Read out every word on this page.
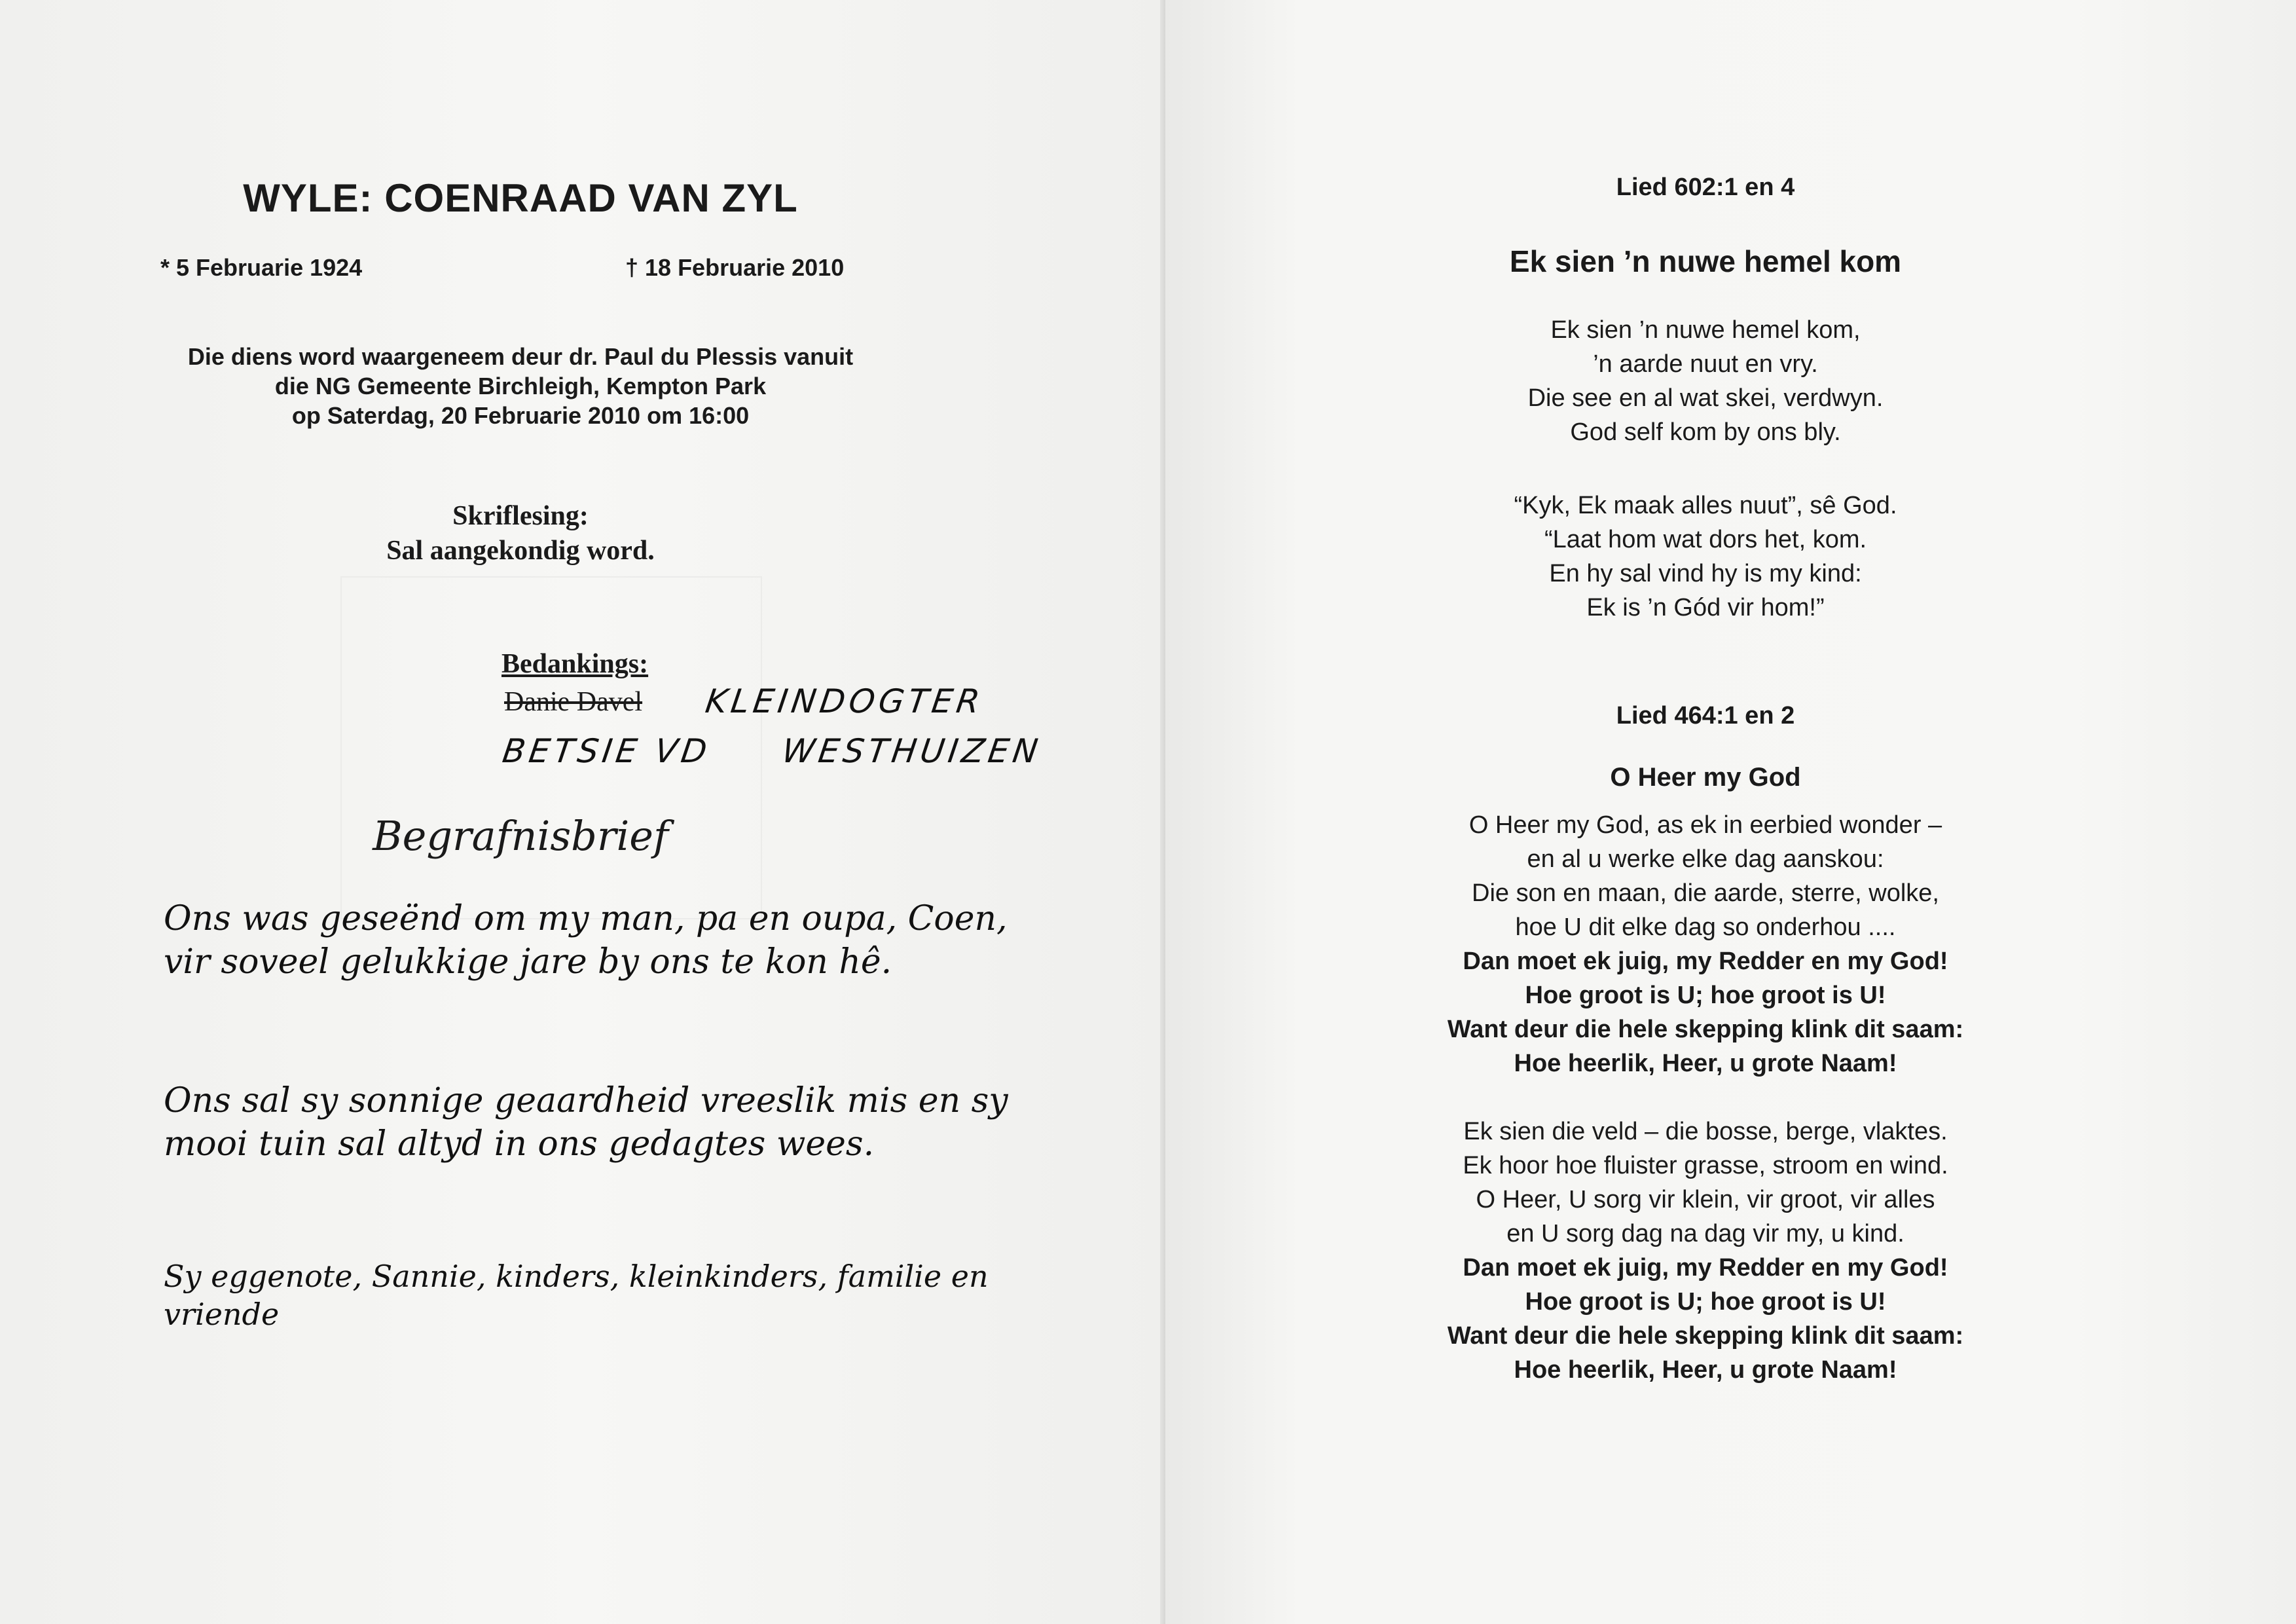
WYLE: COENRAAD VAN ZYL
* 5 Februarie 1924	† 18 Februarie 2010
Die diens word waargeneem deur dr. Paul du Plessis vanuit
die NG Gemeente Birchleigh, Kempton Park
op Saterdag, 20 Februarie 2010 om 16:00
Skriflesing:
Sal aangekondig word.
Bedankings:
Danie Davel KLEINDOGTER
BETSIE VD WESTHUIZEN
Begrafnisbrief
Ons was geseënd om my man, pa en oupa, Coen, vir soveel gelukkige jare by ons te kon hê.
Ons sal sy sonnige geaardheid vreeslik mis en sy mooi tuin sal altyd in ons gedagtes wees.
Sy eggenote, Sannie, kinders, kleinkinders, familie en vriende
Lied 602:1 en 4
Ek sien ’n nuwe hemel kom
Ek sien ’n nuwe hemel kom,
’n aarde nuut en vry.
Die see en al wat skei, verdwyn.
God self kom by ons bly.
“Kyk, Ek maak alles nuut”, sê God.
“Laat hom wat dors het, kom.
En hy sal vind hy is my kind:
Ek is ’n Gód vir hom!”
Lied 464:1 en 2
O Heer my God
O Heer my God, as ek in eerbied wonder –
en al u werke elke dag aanskou:
Die son en maan, die aarde, sterre, wolke,
hoe U dit elke dag so onderhou ....
Dan moet ek juig, my Redder en my God!
Hoe groot is U; hoe groot is U!
Want deur die hele skepping klink dit saam:
Hoe heerlik, Heer, u grote Naam!
Ek sien die veld – die bosse, berge, vlaktes.
Ek hoor hoe fluister grasse, stroom en wind.
O Heer, U sorg vir klein, vir groot, vir alles
en U sorg dag na dag vir my, u kind.
Dan moet ek juig, my Redder en my God!
Hoe groot is U; hoe groot is U!
Want deur die hele skepping klink dit saam:
Hoe heerlik, Heer, u grote Naam!
